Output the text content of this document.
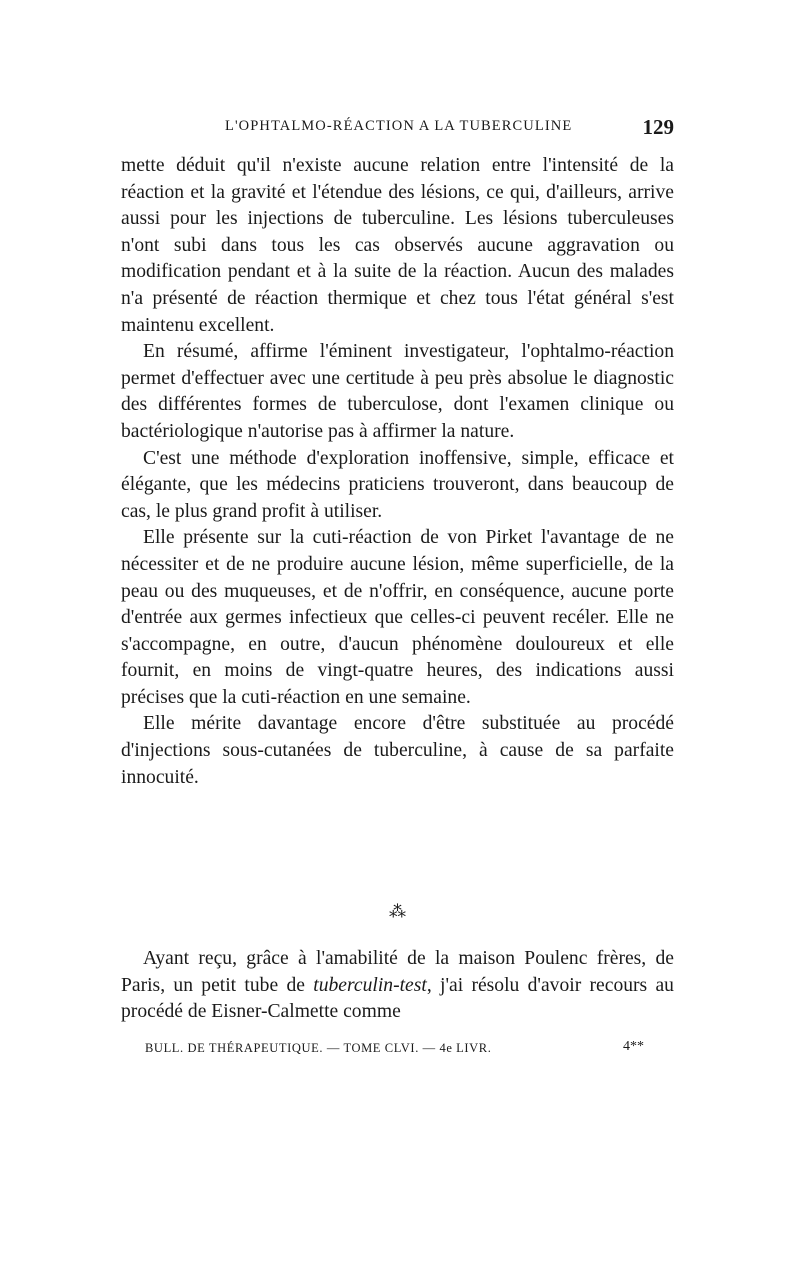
L'OPHTALMO-RÉACTION A LA TUBERCULINE	129

mette déduit qu'il n'existe aucune relation entre l'intensité de la réaction et la gravité et l'étendue des lésions, ce qui, d'ailleurs, arrive aussi pour les injections de tuberculine. Les lésions tuberculeuses n'ont subi dans tous les cas observés aucune aggravation ou modification pendant et à la suite de la réaction. Aucun des malades n'a présenté de réaction thermique et chez tous l'état général s'est maintenu excellent.

En résumé, affirme l'éminent investigateur, l'ophtalmo-réaction permet d'effectuer avec une certitude à peu près absolue le diagnostic des différentes formes de tuberculose, dont l'examen clinique ou bactériologique n'autorise pas à affirmer la nature.

C'est une méthode d'exploration inoffensive, simple, efficace et élégante, que les médecins praticiens trouveront, dans beaucoup de cas, le plus grand profit à utiliser.

Elle présente sur la cuti-réaction de von Pirket l'avantage de ne nécessiter et de ne produire aucune lésion, même superficielle, de la peau ou des muqueuses, et de n'offrir, en conséquence, aucune porte d'entrée aux germes infectieux que celles-ci peuvent recéler. Elle ne s'accompagne, en outre, d'aucun phénomène douloureux et elle fournit, en moins de vingt-quatre heures, des indications aussi précises que la cuti-réaction en une semaine.

Elle mérite davantage encore d'être substituée au procédé d'injections sous-cutanées de tuberculine, à cause de sa parfaite innocuité.

⁂

Ayant reçu, grâce à l'amabilité de la maison Poulenc frères, de Paris, un petit tube de tuberculin-test, j'ai résolu d'avoir recours au procédé de Eisner-Calmette comme

BULL. DE THÉRAPEUTIQUE. — TOME CLVI. — 4e LIVR.	4**
